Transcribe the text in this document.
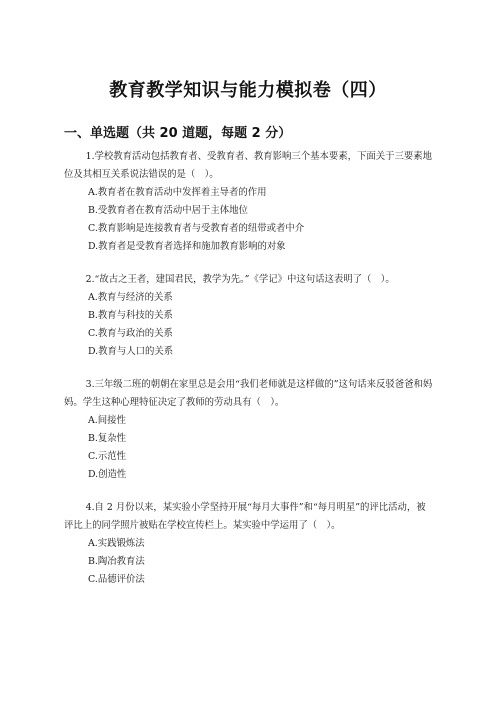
教育教学知识与能力模拟卷（四）
一、单选题（共 20 道题，每题 2 分）

1.学校教育活动包括教育者、受教育者、教育影响三个基本要素，下面关于三要素地位及其相互关系说法错误的是（　）。

A.教育者在教育活动中发挥着主导者的作用

B.受教育者在教育活动中居于主体地位

C.教育影响是连接教育者与受教育者的纽带或者中介

D.教育者是受教育者选择和施加教育影响的对象

2.“故古之王者，建国君民，教学为先。”《学记》中这句话这表明了（　）。

A.教育与经济的关系

B.教育与科技的关系

C.教育与政治的关系

D.教育与人口的关系

3.三年级二班的朝朝在家里总是会用“我们老师就是这样做的”这句话来反驳爸爸和妈妈。学生这种心理特征决定了教师的劳动具有（　）。

A.间接性

B.复杂性

C.示范性

D.创造性

4.自 2 月份以来，某实验小学坚持开展“每月大事件”和“每月明星”的评比活动，被评比上的同学照片被贴在学校宣传栏上。某实验中学运用了（　）。

A.实践锻炼法

B.陶冶教育法

C.品德评价法
